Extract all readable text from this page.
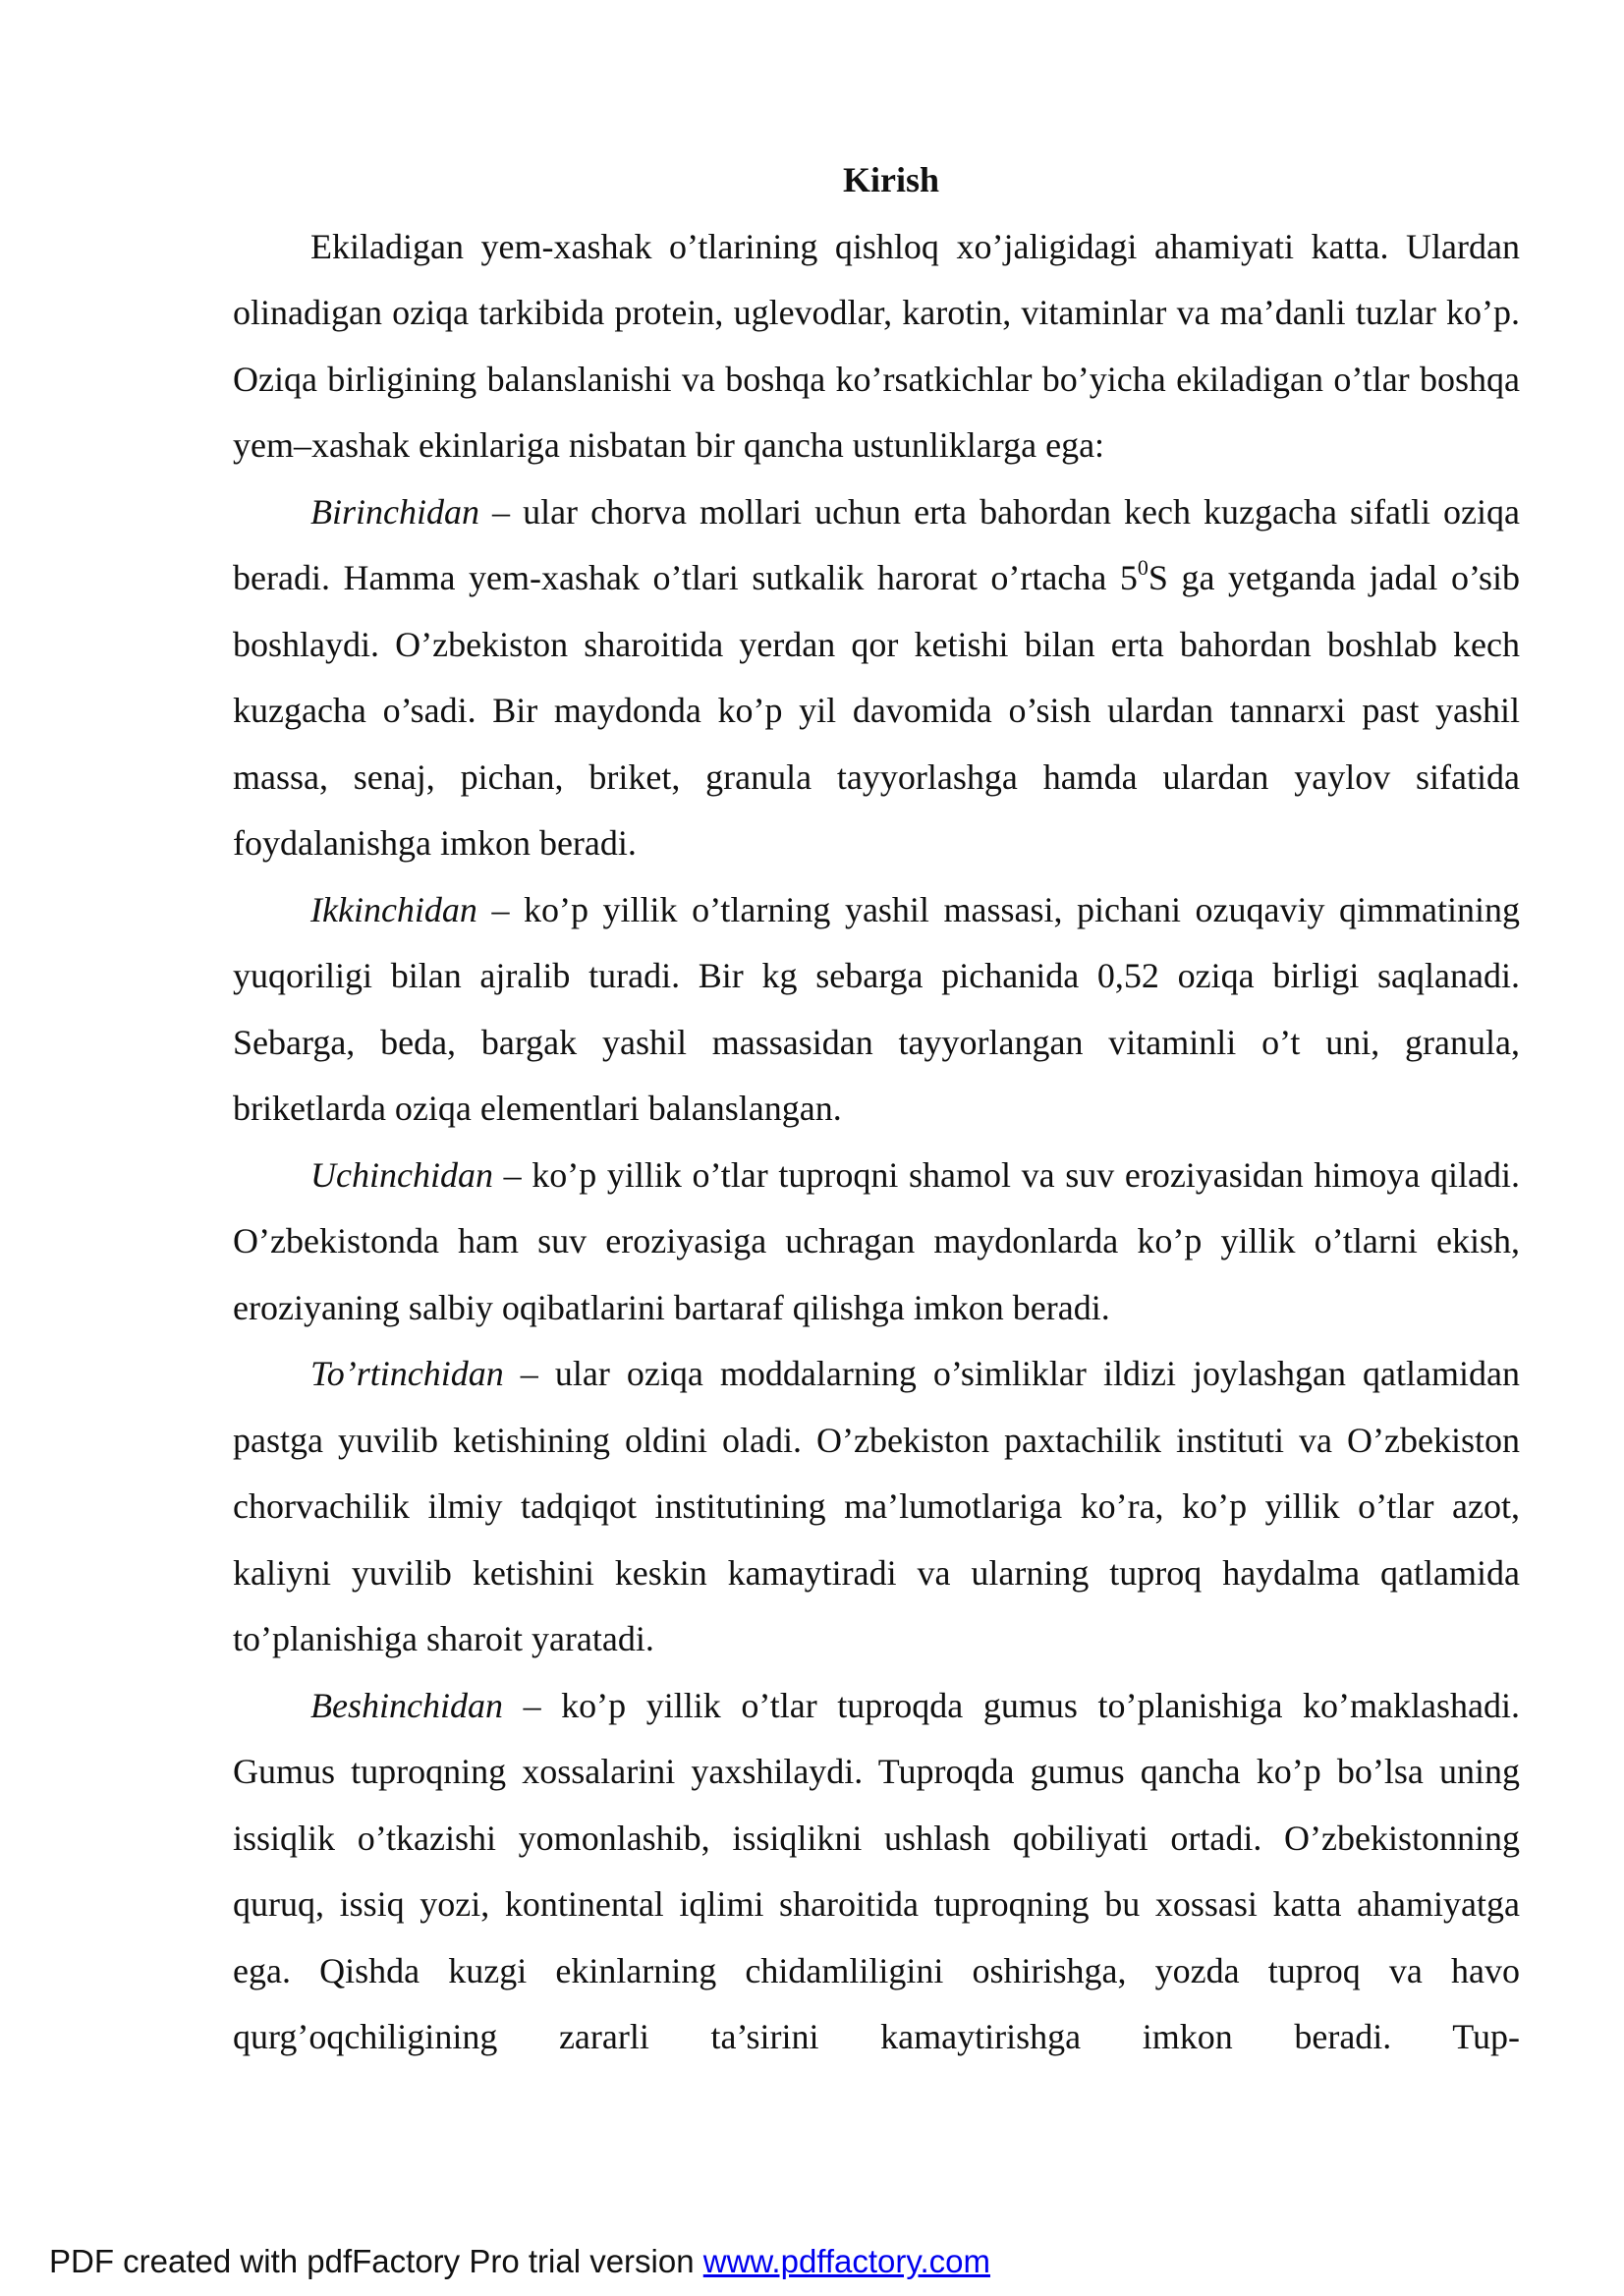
Kirish

Ekiladigan yem-xashak o’tlarining qishloq xo’jaligidagi ahamiyati katta. Ulardan olinadigan oziqa tarkibida protein, uglevodlar, karotin, vitaminlar va ma’danli tuzlar ko’p. Oziqa birligining balanslanishi va boshqa ko’rsatkichlar bo’yicha ekiladigan o’tlar boshqa yem–xashak ekinlariga nisbatan bir qancha ustunliklarga ega:

Birinchidan – ular chorva mollari uchun erta bahordan kech kuzgacha sifatli oziqa beradi. Hamma yem-xashak o’tlari sutkalik harorat o’rtacha $5^0S$ ga yetganda jadal o’sib boshlaydi. O’zbekiston sharoitida yerdan qor ketishi bilan erta bahordan boshlab kech kuzgacha o’sadi. Bir maydonda ko’p yil davomida o’sish ulardan tannarxi past yashil massa, senaj, pichan, briket, granula tayyorlashga hamda ulardan yaylov sifatida foydalanishga imkon beradi.

Ikkinchidan – ko’p yillik o’tlarning yashil massasi, pichani ozuqaviy qimmatining yuqoriligi bilan ajralib turadi. Bir kg sebarga pichanida 0,52 oziqa birligi saqlanadi. Sebarga, beda, bargak yashil massasidan tayyorlangan vitaminli o’t uni, granula, briketlarda oziqa elementlari balanslangan.

Uchinchidan – ko’p yillik o’tlar tuproqni shamol va suv eroziyasidan himoya qiladi. O’zbekistonda ham suv eroziyasiga uchragan maydonlarda ko’p yillik o’tlarni ekish, eroziyaning salbiy oqibatlarini bartaraf qilishga imkon beradi.

To’rtinchidan – ular oziqa moddalarning o’simliklar ildizi joylashgan qatlamidan pastga yuvilib ketishining oldini oladi. O’zbekiston paxtachilik instituti va O’zbekiston chorvachilik ilmiy tadqiqot institutining ma’lumotlariga ko’ra, ko’p yillik o’tlar azot, kaliyni yuvilib ketishini keskin kamaytiradi va ularning tuproq haydalma qatlamida to’planishiga sharoit yaratadi.

Beshinchidan – ko’p yillik o’tlar tuproqda gumus to’planishiga ko’maklashadi. Gumus tuproqning xossalarini yaxshilaydi. Tuproqda gumus qancha ko’p bo’lsa uning issiqlik o’tkazishi yomonlashib, issiqlikni ushlash qobiliyati ortadi. O’zbekistonning quruq, issiq yozi, kontinental iqlimi sharoitida tuproqning bu xossasi katta ahamiyatga ega. Qishda kuzgi ekinlarning chidamliligini oshirishga, yozda tuproq va havo qurg’oqchiligining zararli ta’sirini kamaytirishga imkon beradi. Tup-

PDF created with pdfFactory Pro trial version www.pdffactory.com
